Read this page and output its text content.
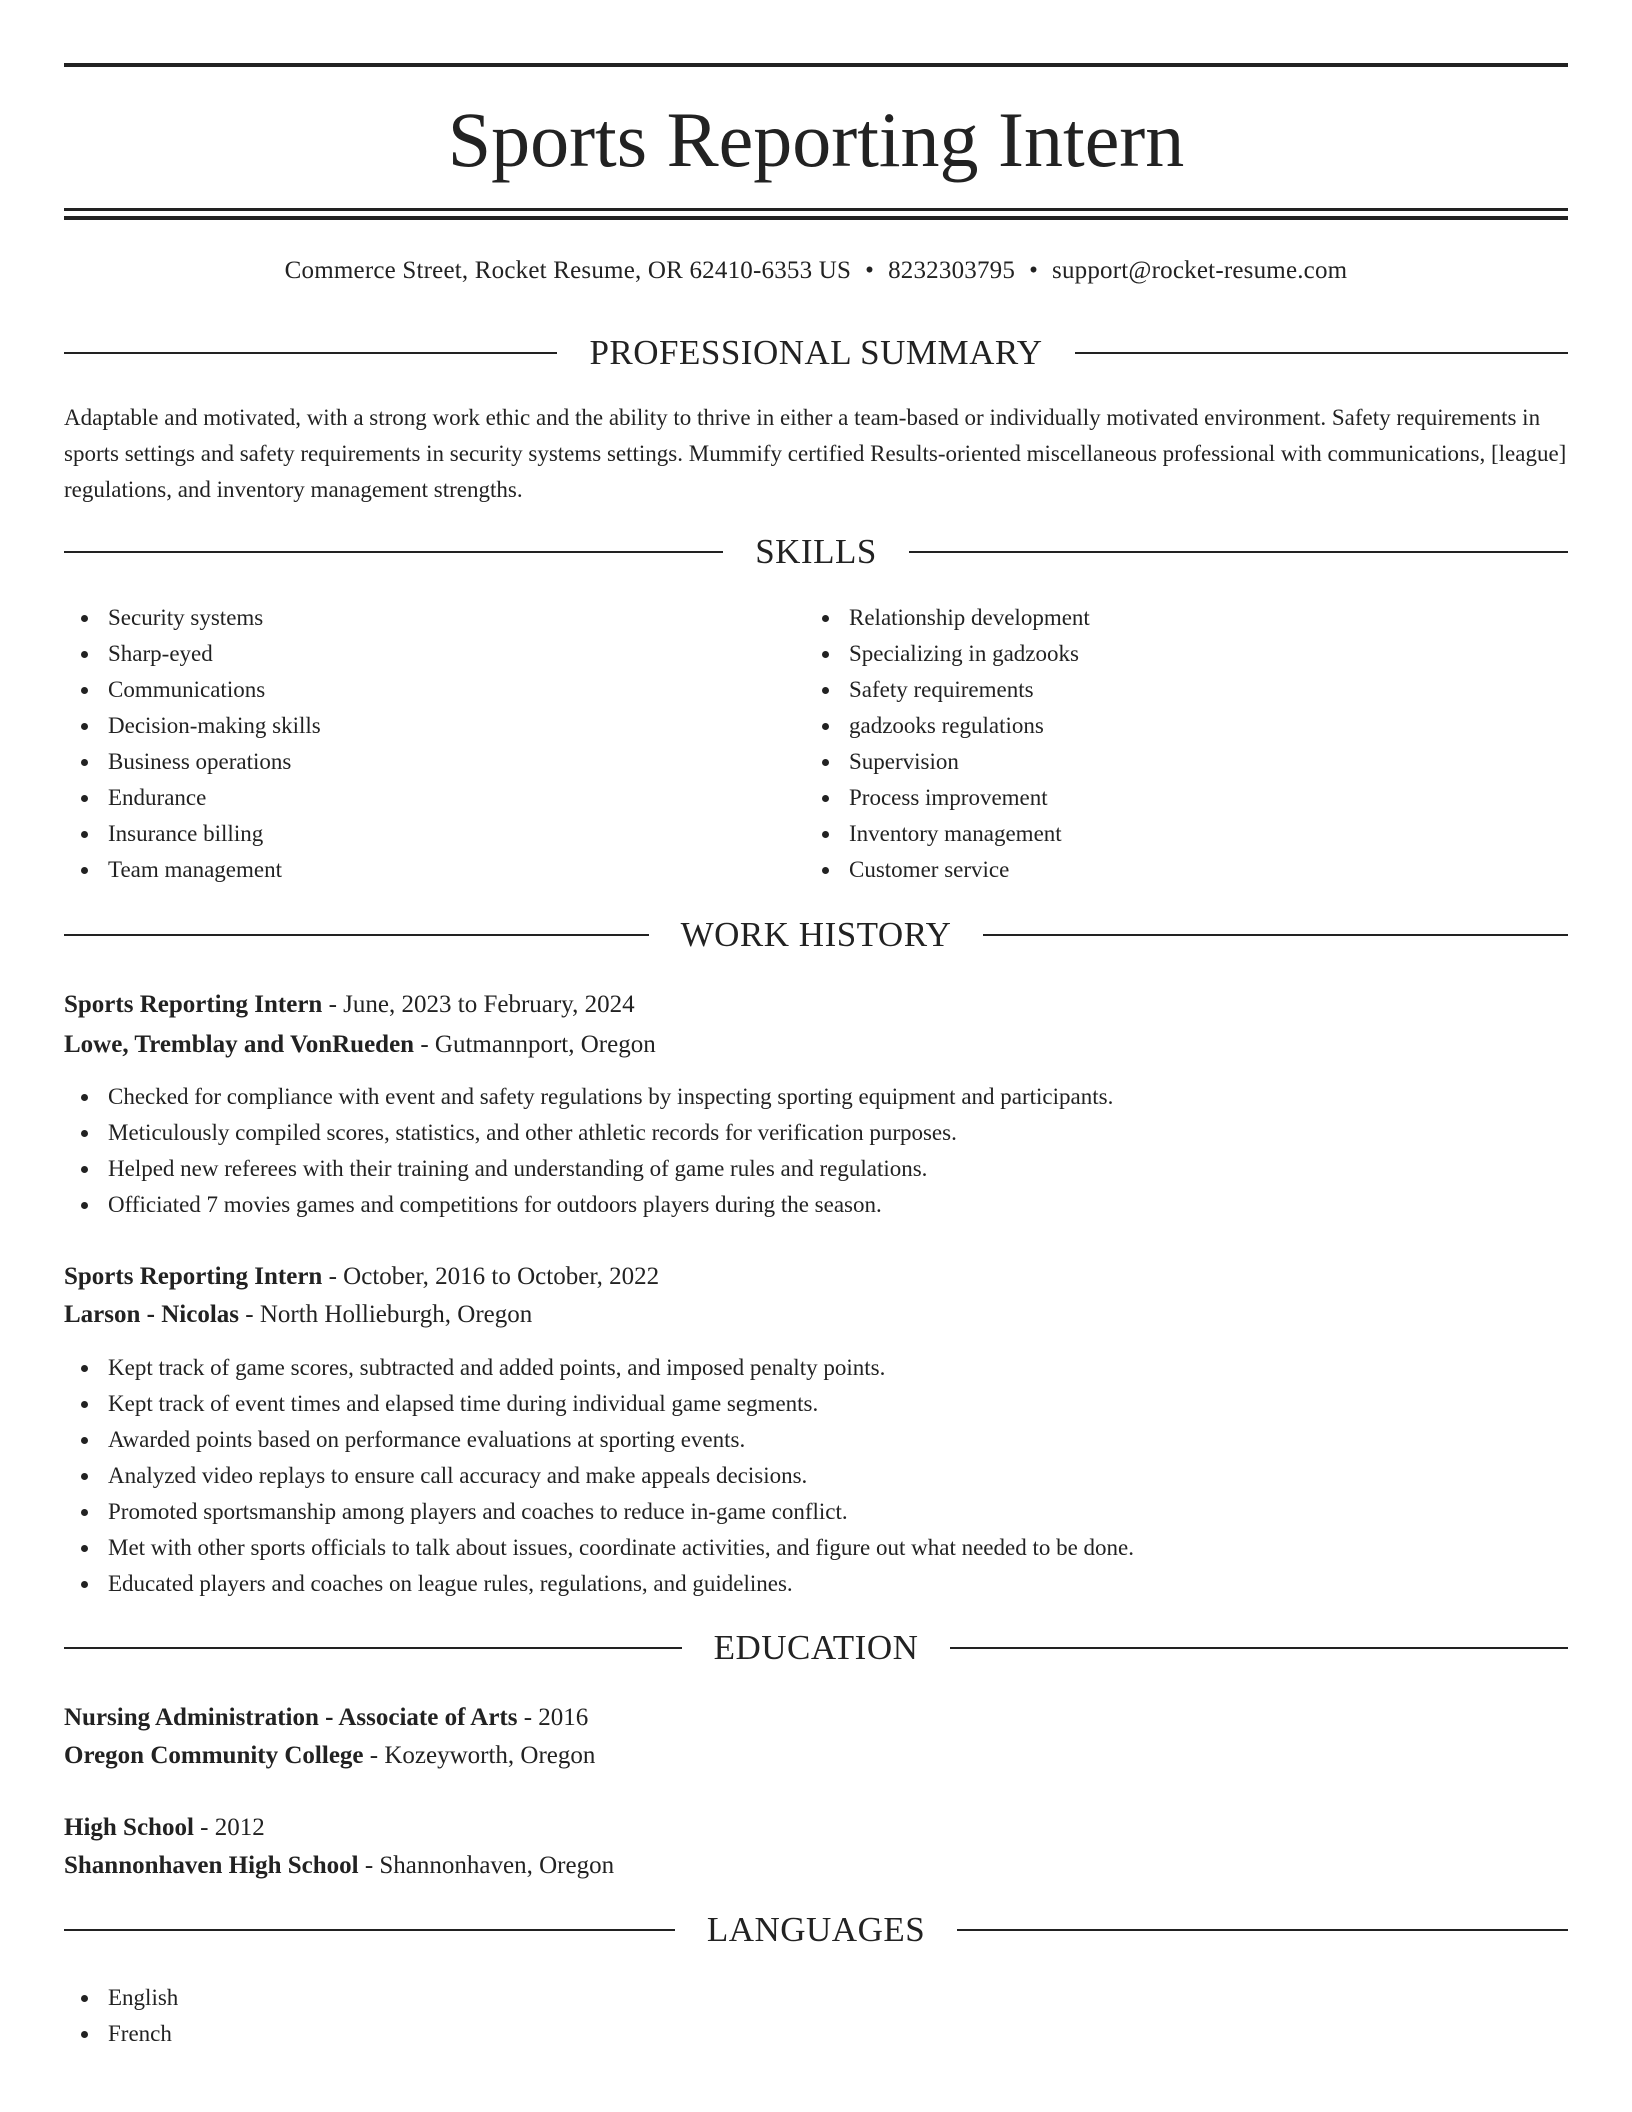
Sports Reporting Intern
Commerce Street, Rocket Resume, OR 62410-6353 US • 8232303795 • support@rocket-resume.com
PROFESSIONAL SUMMARY

Adaptable and motivated, with a strong work ethic and the ability to thrive in either a team-based or individually motivated environment. Safety requirements in sports settings and safety requirements in security systems settings. Mummify certified Results-oriented miscellaneous professional with communications, [league] regulations, and inventory management strengths.

SKILLS
Security systems
Sharp-eyed
Communications
Decision-making skills
Business operations
Endurance
Insurance billing
Team management
Relationship development
Specializing in gadzooks
Safety requirements
gadzooks regulations
Supervision
Process improvement
Inventory management
Customer service
WORK HISTORY
Sports Reporting Intern - June, 2023 to February, 2024
Lowe, Tremblay and VonRueden - Gutmannport, Oregon
Checked for compliance with event and safety regulations by inspecting sporting equipment and participants.
Meticulously compiled scores, statistics, and other athletic records for verification purposes.
Helped new referees with their training and understanding of game rules and regulations.
Officiated 7 movies games and competitions for outdoors players during the season.
Sports Reporting Intern - October, 2016 to October, 2022
Larson - Nicolas - North Hollieburgh, Oregon
Kept track of game scores, subtracted and added points, and imposed penalty points.
Kept track of event times and elapsed time during individual game segments.
Awarded points based on performance evaluations at sporting events.
Analyzed video replays to ensure call accuracy and make appeals decisions.
Promoted sportsmanship among players and coaches to reduce in-game conflict.
Met with other sports officials to talk about issues, coordinate activities, and figure out what needed to be done.
Educated players and coaches on league rules, regulations, and guidelines.
EDUCATION
Nursing Administration - Associate of Arts - 2016
Oregon Community College - Kozeyworth, Oregon
High School - 2012
Shannonhaven High School - Shannonhaven, Oregon
LANGUAGES
English
French
